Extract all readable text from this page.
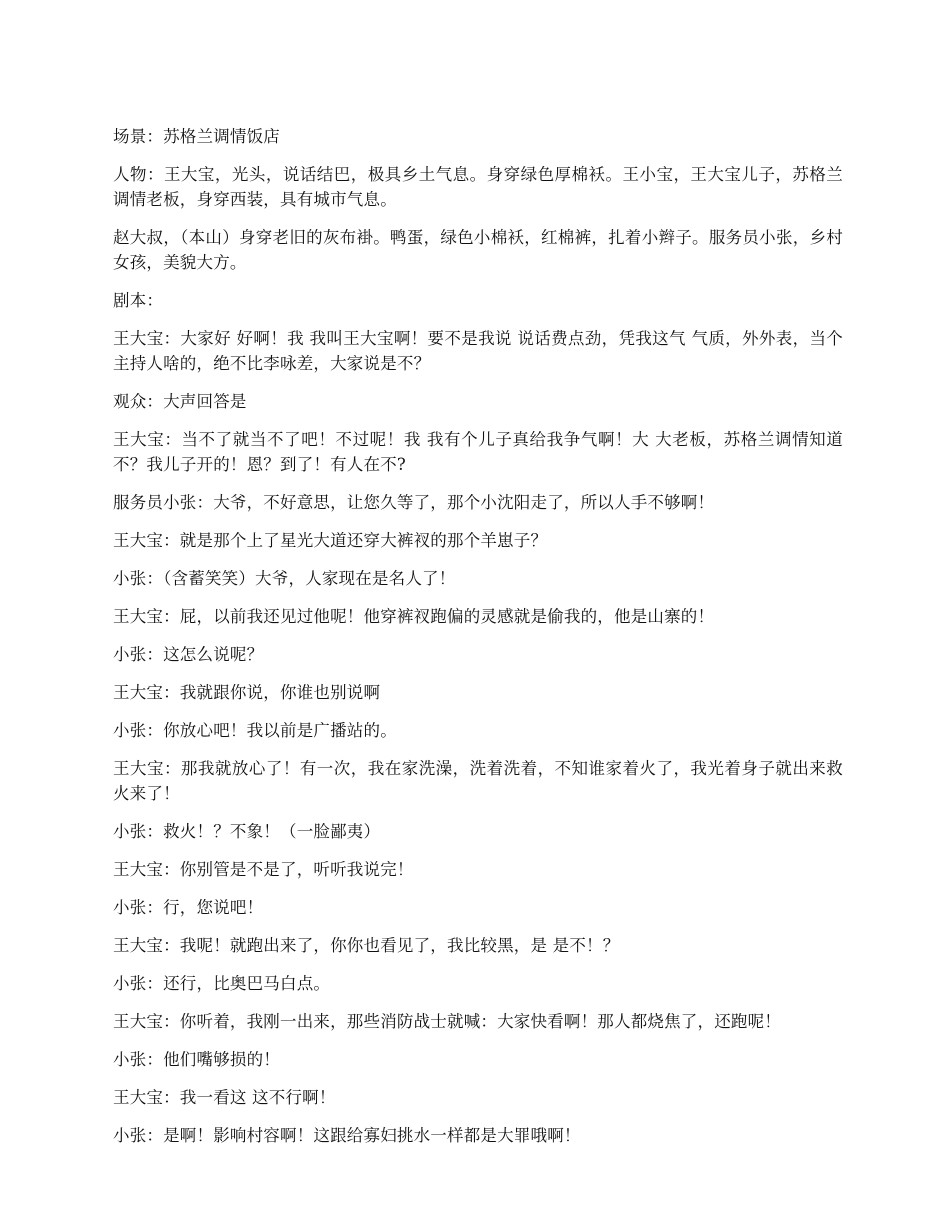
场景：苏格兰调情饭店

人物：王大宝，光头，说话结巴，极具乡土气息。身穿绿色厚棉袄。王小宝，王大宝儿子，苏格兰调情老板，身穿西装，具有城市气息。

赵大叔，（本山）身穿老旧的灰布褂。鸭蛋，绿色小棉袄，红棉裤，扎着小辫子。服务员小张，乡村女孩，美貌大方。

剧本：

王大宝：大家好 好啊！我 我叫王大宝啊！要不是我说 说话费点劲，凭我这气 气质，外外表，当个主持人啥的，绝不比李咏差，大家说是不？

观众：大声回答是

王大宝：当不了就当不了吧！不过呢！我 我有个儿子真给我争气啊！大 大老板，苏格兰调情知道不？我儿子开的！恩？到了！有人在不?

服务员小张：大爷，不好意思，让您久等了，那个小沈阳走了，所以人手不够啊！

王大宝：就是那个上了星光大道还穿大裤衩的那个羊崽子？

小张：（含蓄笑笑）大爷，人家现在是名人了！

王大宝：屁，以前我还见过他呢！他穿裤衩跑偏的灵感就是偷我的，他是山寨的！

小张：这怎么说呢？

王大宝：我就跟你说，你谁也别说啊

小张：你放心吧！我以前是广播站的。

王大宝：那我就放心了！有一次，我在家洗澡，洗着洗着，不知谁家着火了，我光着身子就出来救火来了！

小张：救火！？不象！（一脸鄙夷）

王大宝：你别管是不是了，听听我说完！

小张：行，您说吧！

王大宝：我呢！就跑出来了，你你也看见了，我比较黑，是 是不！？

小张：还行，比奥巴马白点。

王大宝：你听着，我刚一出来，那些消防战士就喊：大家快看啊！那人都烧焦了，还跑呢！

小张：他们嘴够损的！

王大宝：我一看这 这不行啊！

小张：是啊！影响村容啊！这跟给寡妇挑水一样都是大罪哦啊！
